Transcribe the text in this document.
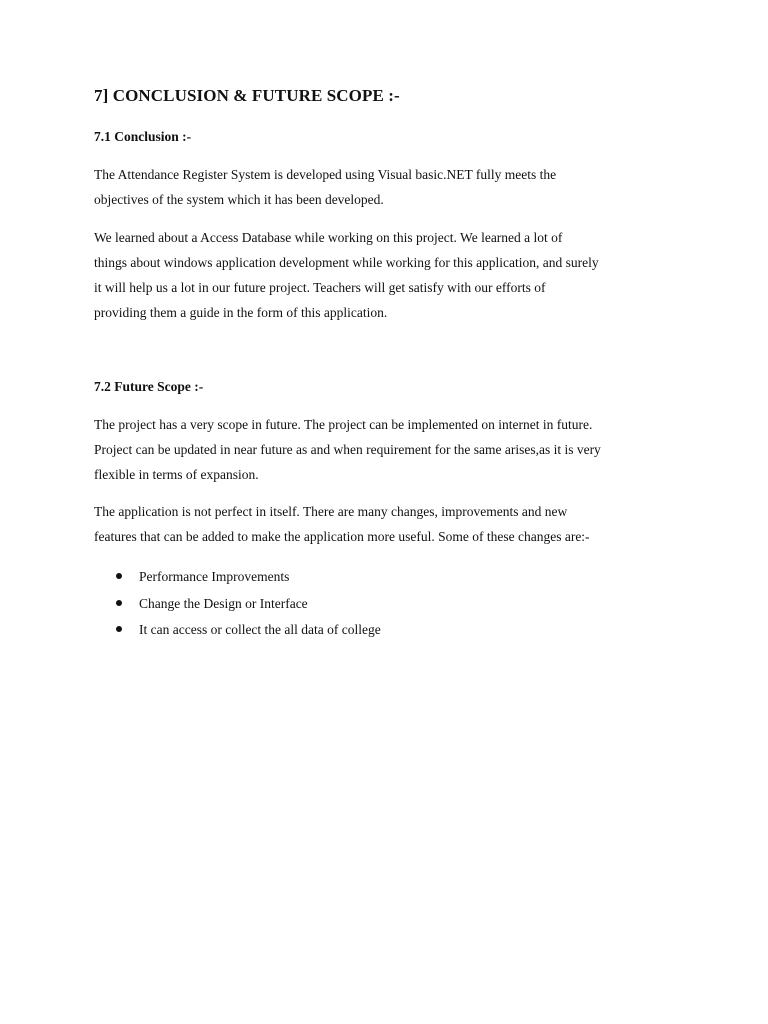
7] CONCLUSION & FUTURE SCOPE :-
7.1 Conclusion :-

The Attendance Register System is developed using Visual basic.NET fully meets the
objectives of the system which it has been developed.

We learned about a Access Database while working on this project. We learned a lot of
things about windows application development while working for this application, and surely
it will help us a lot in our future project. Teachers will get satisfy with our efforts of
providing them a guide in the form of this application.

7.2 Future Scope :-

The project has a very scope in future. The project can be implemented on internet in future.
Project can be updated in near future as and when requirement for the same arises,as it is very
flexible in terms of expansion.

The application is not perfect in itself. There are many changes, improvements and new
features that can be added to make the application more useful. Some of these changes are:-

Performance Improvements
Change the Design or Interface
It can access or collect the all data of college
